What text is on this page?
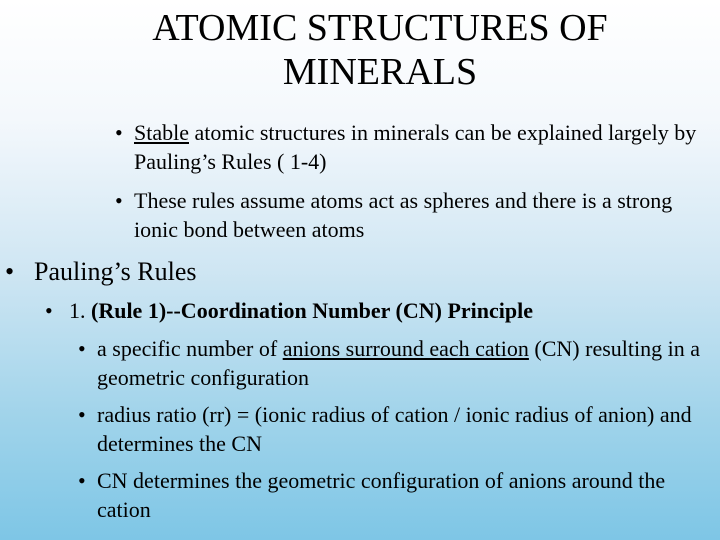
ATOMIC STRUCTURES OF
MINERALS
• Stable atomic structures in minerals can be explained largely by Pauling’s Rules ( 1-4)
• These rules assume atoms act as spheres and there is a strong ionic bond between atoms
• Pauling’s Rules
• 1. (Rule 1)--Coordination Number (CN) Principle
• a specific number of anions surround each cation (CN) resulting in a geometric configuration
• radius ratio (rr) = (ionic radius of cation / ionic radius of anion) and determines the CN
• CN determines the geometric configuration of anions around the cation
